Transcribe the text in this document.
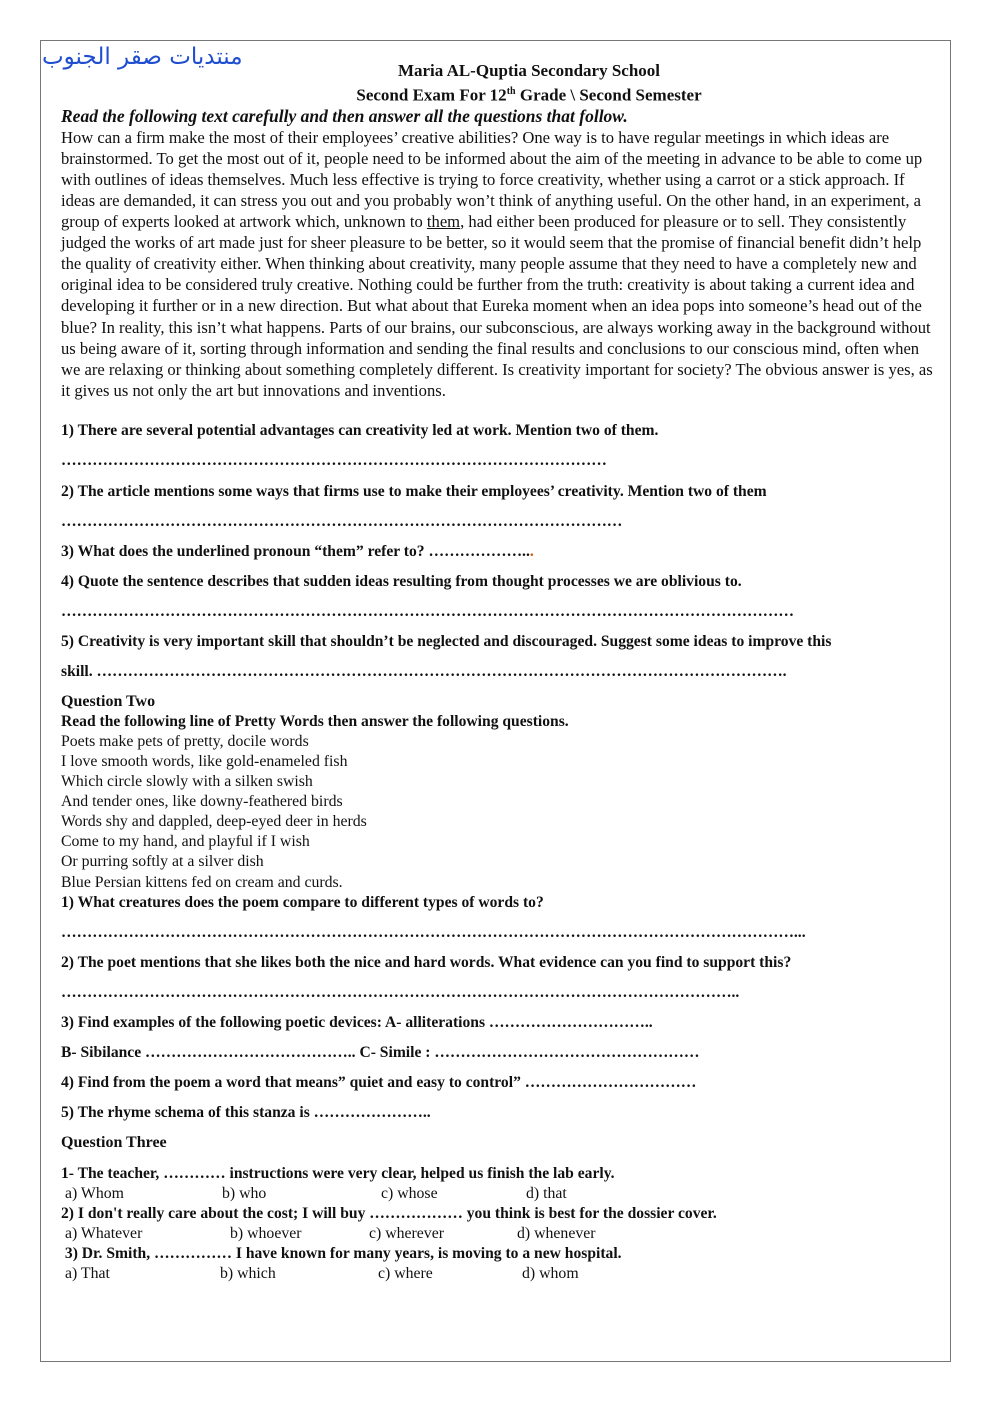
منتديات صقر الجنوب
Maria AL-Quptia Secondary School
Second Exam For 12th Grade \ Second Semester
Read the following text carefully and then answer all the questions that follow.
How can a firm make the most of their employees’ creative abilities? One way is to have regular meetings in which ideas are brainstormed. To get the most out of it, people need to be informed about the aim of the meeting in advance to be able to come up with outlines of ideas themselves. Much less effective is trying to force creativity, whether using a carrot or a stick approach. If ideas are demanded, it can stress you out and you probably won’t think of anything useful. On the other hand, in an experiment, a group of experts looked at artwork which, unknown to them, had either been produced for pleasure or to sell. They consistently judged the works of art made just for sheer pleasure to be better, so it would seem that the promise of financial benefit didn’t help the quality of creativity either. When thinking about creativity, many people assume that they need to have a completely new and original idea to be considered truly creative. Nothing could be further from the truth: creativity is about taking a current idea and developing it further or in a new direction. But what about that Eureka moment when an idea pops into someone’s head out of the blue? In reality, this isn’t what happens. Parts of our brains, our subconscious, are always working away in the background without us being aware of it, sorting through information and sending the final results and conclusions to our conscious mind, often when we are relaxing or thinking about something completely different. Is creativity important for society? The obvious answer is yes, as it gives us not only the art but innovations and inventions.
1) There are several potential advantages can creativity led at work. Mention two of them.
……………………………………………………………………………………………
2) The article mentions some ways that firms use to make their employees’ creativity. Mention two of them
………………………………………………………………………………………………
3) What does the underlined pronoun “them” refer to? ………………...
4) Quote the sentence describes that sudden ideas resulting from thought processes we are oblivious to.
……………………………………………………………………………………………………………………………
5) Creativity is very important skill that shouldn’t be neglected and discouraged. Suggest some ideas to improve this
skill. …………………………………………………………………………………………………………………….
Question Two
Read the following line of Pretty Words then answer the following questions.
Poets make pets of pretty, docile words
I love smooth words, like gold-enameled fish
Which circle slowly with a silken swish
And tender ones, like downy-feathered birds
Words shy and dappled, deep-eyed deer in herds
Come to my hand, and playful if I wish
Or purring softly at a silver dish
Blue Persian kittens fed on cream and curds.
1) What creatures does the poem compare to different types of words to?
……………………………………………………………………………………………………………………………...
2) The poet mentions that she likes both the nice and hard words. What evidence can you find to support this?
…………………………………………………………………………………………………………………..
3) Find examples of the following poetic devices: A- alliterations …………………………..
B- Sibilance ………………………………….. C- Simile : ……………………………………………
4) Find from the poem a word that means” quiet and easy to control” ……………………………
5) The rhyme schema of this stanza is …………………..
Question Three
1- The teacher, ………… instructions were very clear, helped us finish the lab early.
a) Whom	b) who	c) whose	d) that
2) I don't really care about the cost; I will buy ……………… you think is best for the dossier cover.
a) Whatever	b) whoever	c) wherever	d) whenever
3) Dr. Smith, …………… I have known for many years, is moving to a new hospital.
a) That	b) which	c) where	d) whom
